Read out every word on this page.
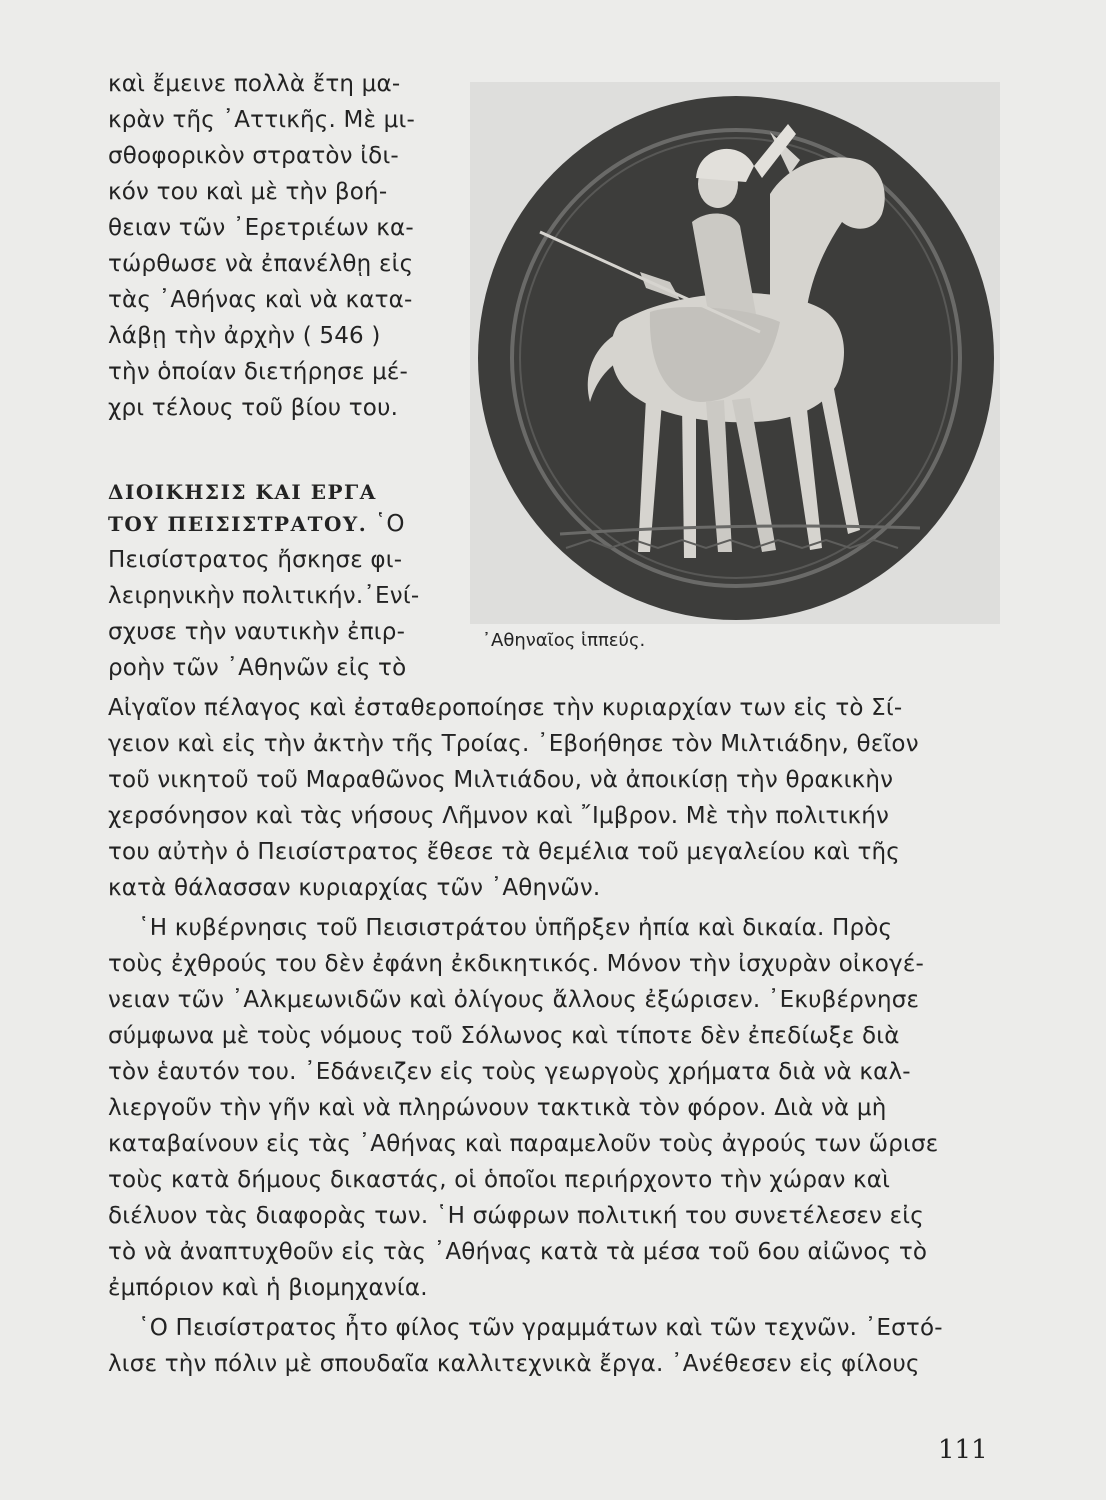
καὶ ἔμεινε πολλὰ ἔτη μα-

κρὰν τῆς ᾿Αττικῆς. Μὲ μι-

σθοφορικὸν στρατὸν ἰδι-

κόν του καὶ μὲ τὴν βοή-

θειαν τῶν ᾿Ερετριέων κα-

τώρθωσε νὰ ἐπανέλθῃ εἰς

τὰς ᾿Αθήνας καὶ νὰ κατα-

λάβῃ τὴν ἀρχὴν ( 546 )

τὴν ὁποίαν διετήρησε μέ-

χρι τέλους τοῦ βίου του.

ΔΙΟΙΚΗΣΙΣ ΚΑΙ ΕΡΓΑ

ΤΟΥ ΠΕΙΣΙΣΤΡΑΤΟΥ. ῾Ο

Πεισίστρατος ἤσκησε φι-

λειρηνικὴν πολιτικήν.᾿Ενί-

σχυσε τὴν ναυτικὴν ἐπιρ-

ροὴν τῶν ᾿Αθηνῶν εἰς τὸ

Αἰγαῖον πέλαγος καὶ ἐσταθεροποίησε τὴν κυριαρχίαν των εἰς τὸ Σί-

γειον καὶ εἰς τὴν ἀκτὴν τῆς Τροίας. ᾿Εβοήθησε τὸν Μιλτιάδην, θεῖον

τοῦ νικητοῦ τοῦ Μαραθῶνος Μιλτιάδου, νὰ ἀποικίσῃ τὴν θρακικὴν

χερσόνησον καὶ τὰς νήσους Λῆμνον καὶ ῎Ιμβρον. Μὲ τὴν πολιτικήν

του αὐτὴν ὁ Πεισίστρατος ἔθεσε τὰ θεμέλια τοῦ μεγαλείου καὶ τῆς

κατὰ θάλασσαν κυριαρχίας τῶν ᾿Αθηνῶν.

῾Η κυβέρνησις τοῦ Πεισιστράτου ὑπῆρξεν ἠπία καὶ δικαία. Πρὸς

τοὺς ἐχθρούς του δὲν ἐφάνη ἐκδικητικός. Μόνον τὴν ἰσχυρὰν οἰκογέ-

νειαν τῶν ᾿Αλκμεωνιδῶν καὶ ὀλίγους ἄλλους ἐξώρισεν. ᾿Εκυβέρνησε

σύμφωνα μὲ τοὺς νόμους τοῦ Σόλωνος καὶ τίποτε δὲν ἐπεδίωξε διὰ

τὸν ἑαυτόν του. ᾿Εδάνειζεν εἰς τοὺς γεωργοὺς χρήματα διὰ νὰ καλ-

λιεργοῦν τὴν γῆν καὶ νὰ πληρώνουν τακτικὰ τὸν φόρον. Διὰ νὰ μὴ

καταβαίνουν εἰς τὰς ᾿Αθήνας καὶ παραμελοῦν τοὺς ἀγρούς των ὥρισε

τοὺς κατὰ δήμους δικαστάς, οἱ ὁποῖοι περιήρχοντο τὴν χώραν καὶ

διέλυον τὰς διαφορὰς των. ῾Η σώφρων πολιτική του συνετέλεσεν εἰς

τὸ νὰ ἀναπτυχθοῦν εἰς τὰς ᾿Αθήνας κατὰ τὰ μέσα τοῦ 6ου αἰῶνος τὸ

ἐμπόριον καὶ ἡ βιομηχανία.

῾Ο Πεισίστρατος ἦτο φίλος τῶν γραμμάτων καὶ τῶν τεχνῶν. ᾿Εστό-

λισε τὴν πόλιν μὲ σπουδαῖα καλλιτεχνικὰ ἔργα. ᾿Ανέθεσεν εἰς φίλους

᾿Αθηναῖος ἱππεύς.
111
